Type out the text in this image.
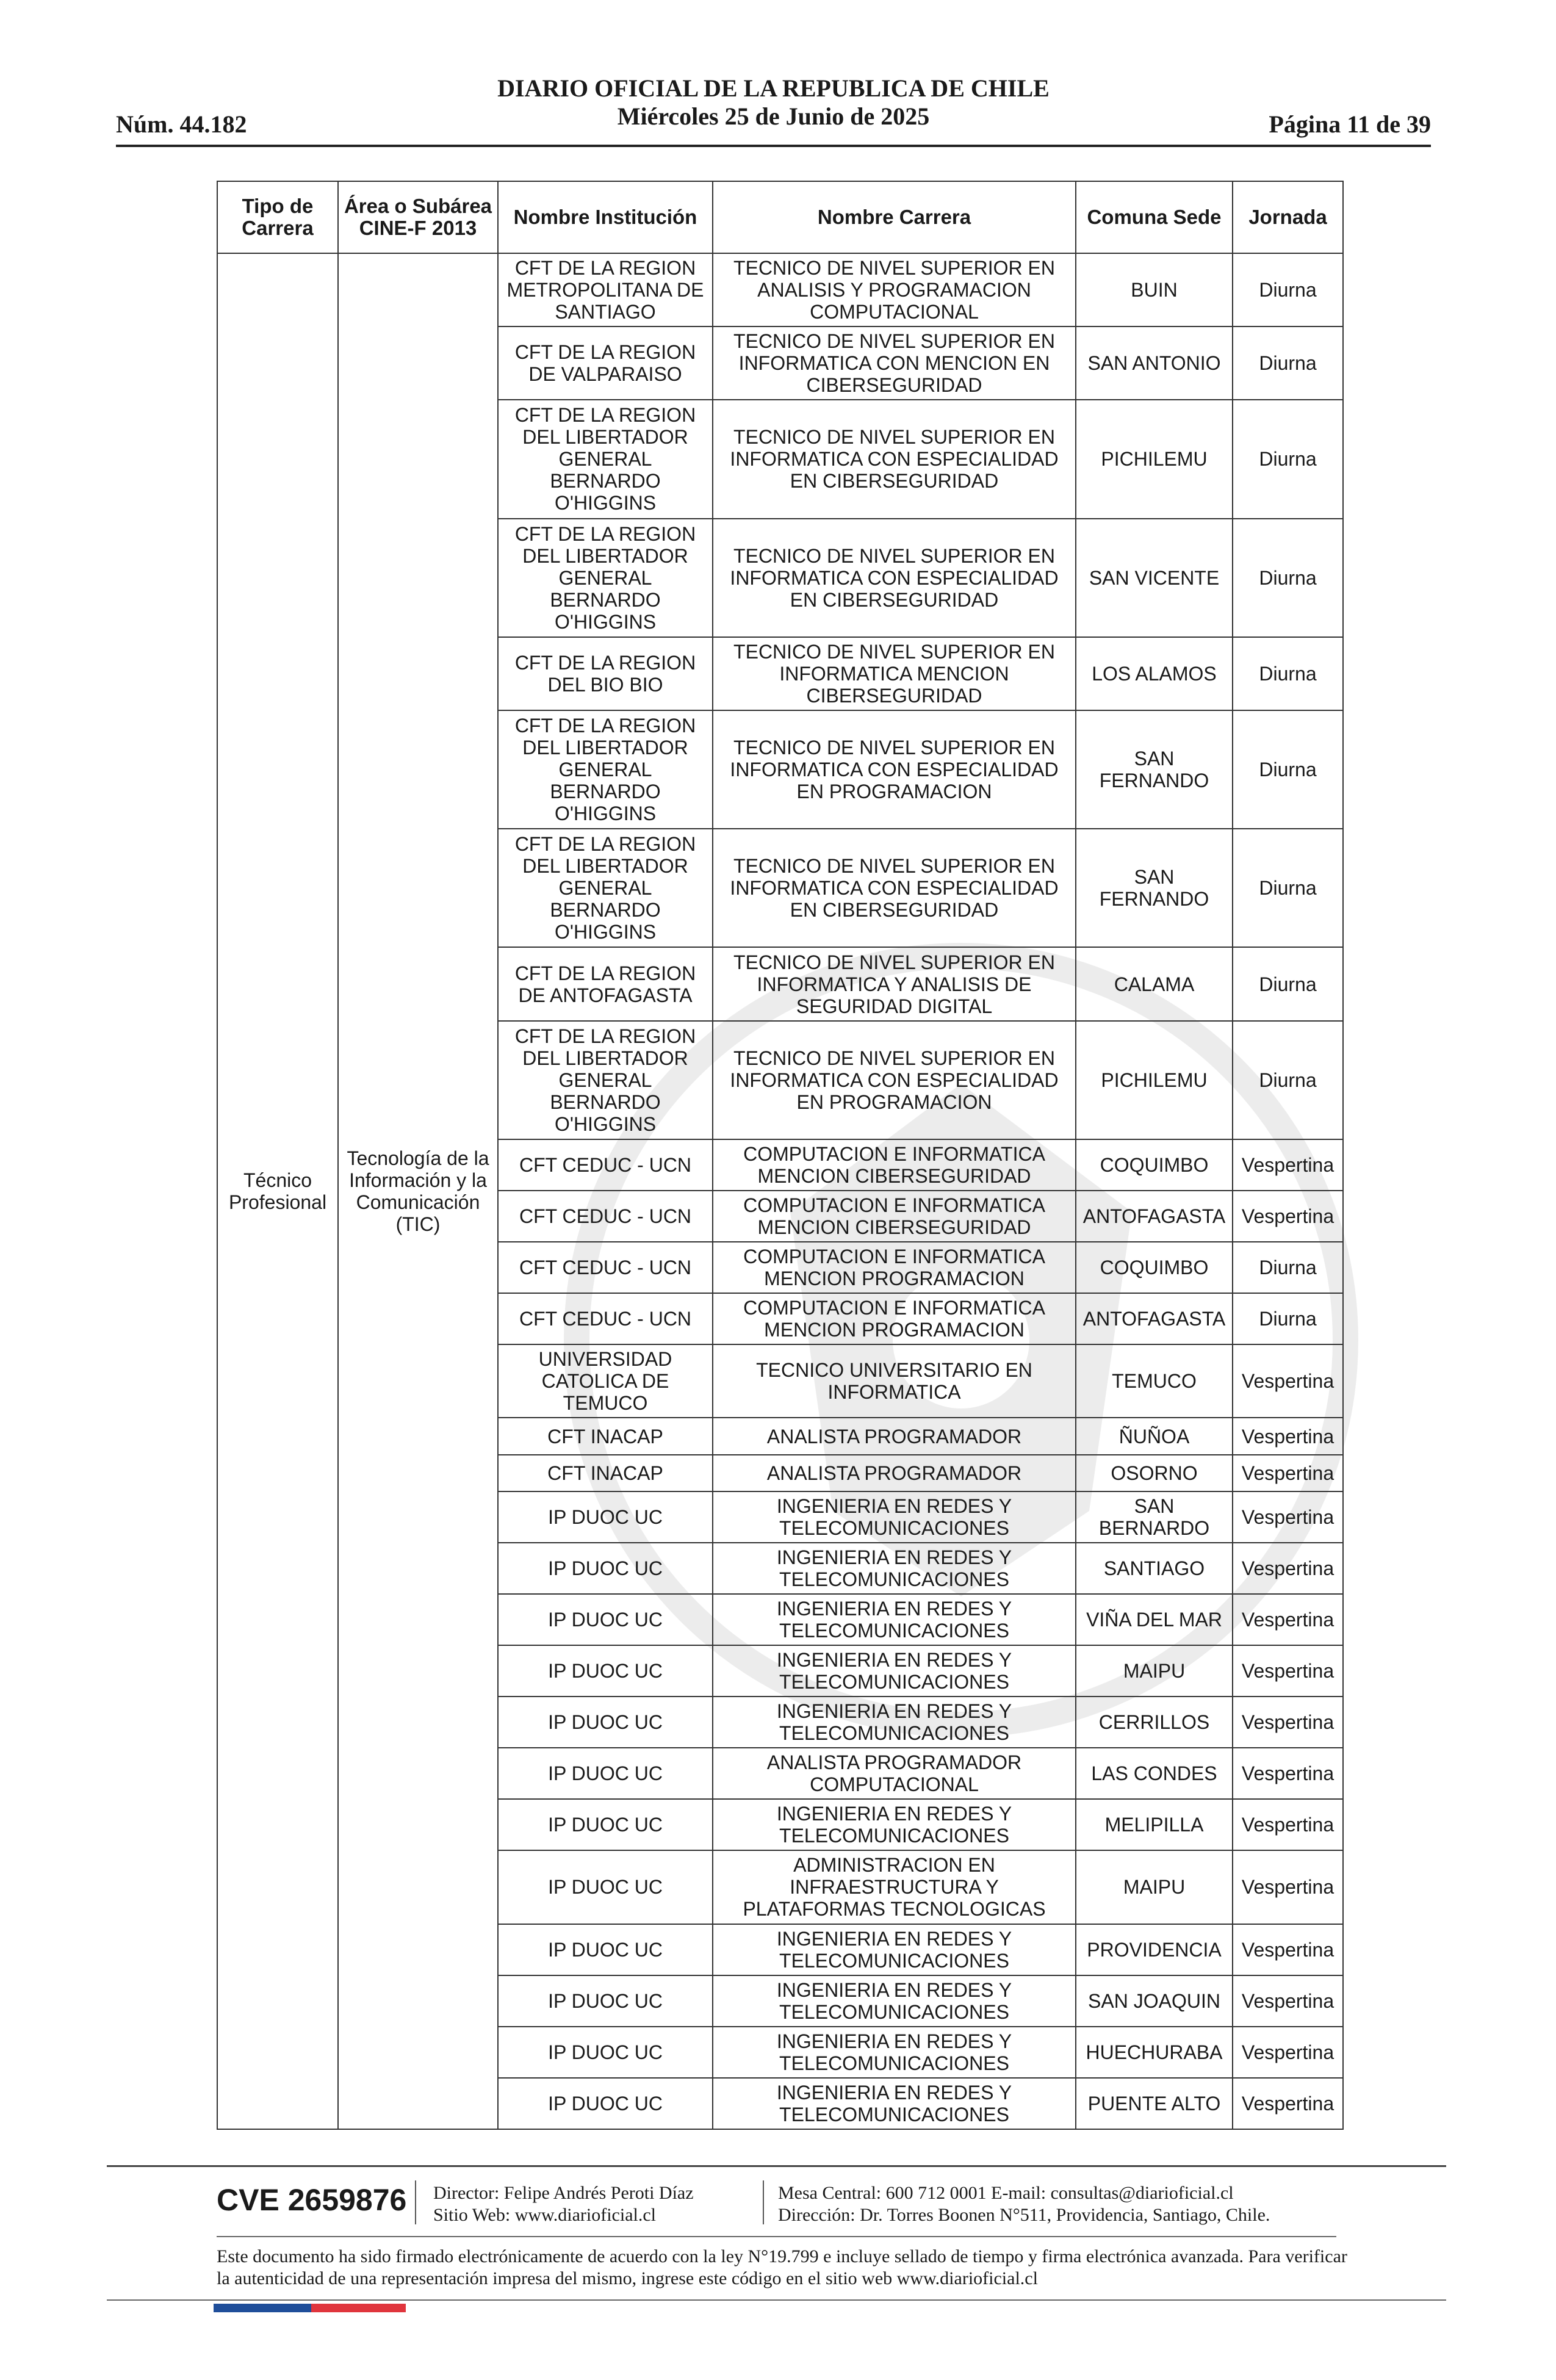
Núm. 44.182
DIARIO OFICIAL DE LA REPUBLICA DE CHILE
Miércoles 25 de Junio de 2025	Página 11 de 39
Tipo de Carrera	Área o Subárea CINE-F 2013	Nombre Institución	Nombre Carrera	Comuna Sede	Jornada
Técnico Profesional	Tecnología de la Información y la Comunicación (TIC)	CFT DE LA REGION METROPOLITANA DE SANTIAGO	TECNICO DE NIVEL SUPERIOR EN ANALISIS Y PROGRAMACION COMPUTACIONAL	BUIN	Diurna
		CFT DE LA REGION DE VALPARAISO	TECNICO DE NIVEL SUPERIOR EN INFORMATICA CON MENCION EN CIBERSEGURIDAD	SAN ANTONIO	Diurna
		CFT DE LA REGION DEL LIBERTADOR GENERAL BERNARDO O'HIGGINS	TECNICO DE NIVEL SUPERIOR EN INFORMATICA CON ESPECIALIDAD EN CIBERSEGURIDAD	PICHILEMU	Diurna
		CFT DE LA REGION DEL LIBERTADOR GENERAL BERNARDO O'HIGGINS	TECNICO DE NIVEL SUPERIOR EN INFORMATICA CON ESPECIALIDAD EN CIBERSEGURIDAD	SAN VICENTE	Diurna
		CFT DE LA REGION DEL BIO BIO	TECNICO DE NIVEL SUPERIOR EN INFORMATICA MENCION CIBERSEGURIDAD	LOS ALAMOS	Diurna
		CFT DE LA REGION DEL LIBERTADOR GENERAL BERNARDO O'HIGGINS	TECNICO DE NIVEL SUPERIOR EN INFORMATICA CON ESPECIALIDAD EN PROGRAMACION	SAN FERNANDO	Diurna
		CFT DE LA REGION DEL LIBERTADOR GENERAL BERNARDO O'HIGGINS	TECNICO DE NIVEL SUPERIOR EN INFORMATICA CON ESPECIALIDAD EN CIBERSEGURIDAD	SAN FERNANDO	Diurna
		CFT DE LA REGION DE ANTOFAGASTA	TECNICO DE NIVEL SUPERIOR EN INFORMATICA Y ANALISIS DE SEGURIDAD DIGITAL	CALAMA	Diurna
		CFT DE LA REGION DEL LIBERTADOR GENERAL BERNARDO O'HIGGINS	TECNICO DE NIVEL SUPERIOR EN INFORMATICA CON ESPECIALIDAD EN PROGRAMACION	PICHILEMU	Diurna
		CFT CEDUC - UCN	COMPUTACION E INFORMATICA MENCION CIBERSEGURIDAD	COQUIMBO	Vespertina
		CFT CEDUC - UCN	COMPUTACION E INFORMATICA MENCION CIBERSEGURIDAD	ANTOFAGASTA	Vespertina
		CFT CEDUC - UCN	COMPUTACION E INFORMATICA MENCION PROGRAMACION	COQUIMBO	Diurna
		CFT CEDUC - UCN	COMPUTACION E INFORMATICA MENCION PROGRAMACION	ANTOFAGASTA	Diurna
		UNIVERSIDAD CATOLICA DE TEMUCO	TECNICO UNIVERSITARIO EN INFORMATICA	TEMUCO	Vespertina
		CFT INACAP	ANALISTA PROGRAMADOR	ÑUÑOA	Vespertina
		CFT INACAP	ANALISTA PROGRAMADOR	OSORNO	Vespertina
		IP DUOC UC	INGENIERIA EN REDES Y TELECOMUNICACIONES	SAN BERNARDO	Vespertina
		IP DUOC UC	INGENIERIA EN REDES Y TELECOMUNICACIONES	SANTIAGO	Vespertina
		IP DUOC UC	INGENIERIA EN REDES Y TELECOMUNICACIONES	VIÑA DEL MAR	Vespertina
		IP DUOC UC	INGENIERIA EN REDES Y TELECOMUNICACIONES	MAIPU	Vespertina
		IP DUOC UC	INGENIERIA EN REDES Y TELECOMUNICACIONES	CERRILLOS	Vespertina
		IP DUOC UC	ANALISTA PROGRAMADOR COMPUTACIONAL	LAS CONDES	Vespertina
		IP DUOC UC	INGENIERIA EN REDES Y TELECOMUNICACIONES	MELIPILLA	Vespertina
		IP DUOC UC	ADMINISTRACION EN INFRAESTRUCTURA Y PLATAFORMAS TECNOLOGICAS	MAIPU	Vespertina
		IP DUOC UC	INGENIERIA EN REDES Y TELECOMUNICACIONES	PROVIDENCIA	Vespertina
		IP DUOC UC	INGENIERIA EN REDES Y TELECOMUNICACIONES	SAN JOAQUIN	Vespertina
		IP DUOC UC	INGENIERIA EN REDES Y TELECOMUNICACIONES	HUECHURABA	Vespertina
		IP DUOC UC	INGENIERIA EN REDES Y TELECOMUNICACIONES	PUENTE ALTO	Vespertina
CVE 2659876 Director: Felipe Andrés Peroti Díaz
Sitio Web: www.diarioficial.cl
Mesa Central: 600 712 0001 E-mail: consultas@diarioficial.cl
Dirección: Dr. Torres Boonen N°511, Providencia, Santiago, Chile.
Este documento ha sido firmado electrónicamente de acuerdo con la ley N°19.799 e incluye sellado de tiempo y firma electrónica avanzada. Para verificar la autenticidad de una representación impresa del mismo, ingrese este código en el sitio web www.diarioficial.cl
